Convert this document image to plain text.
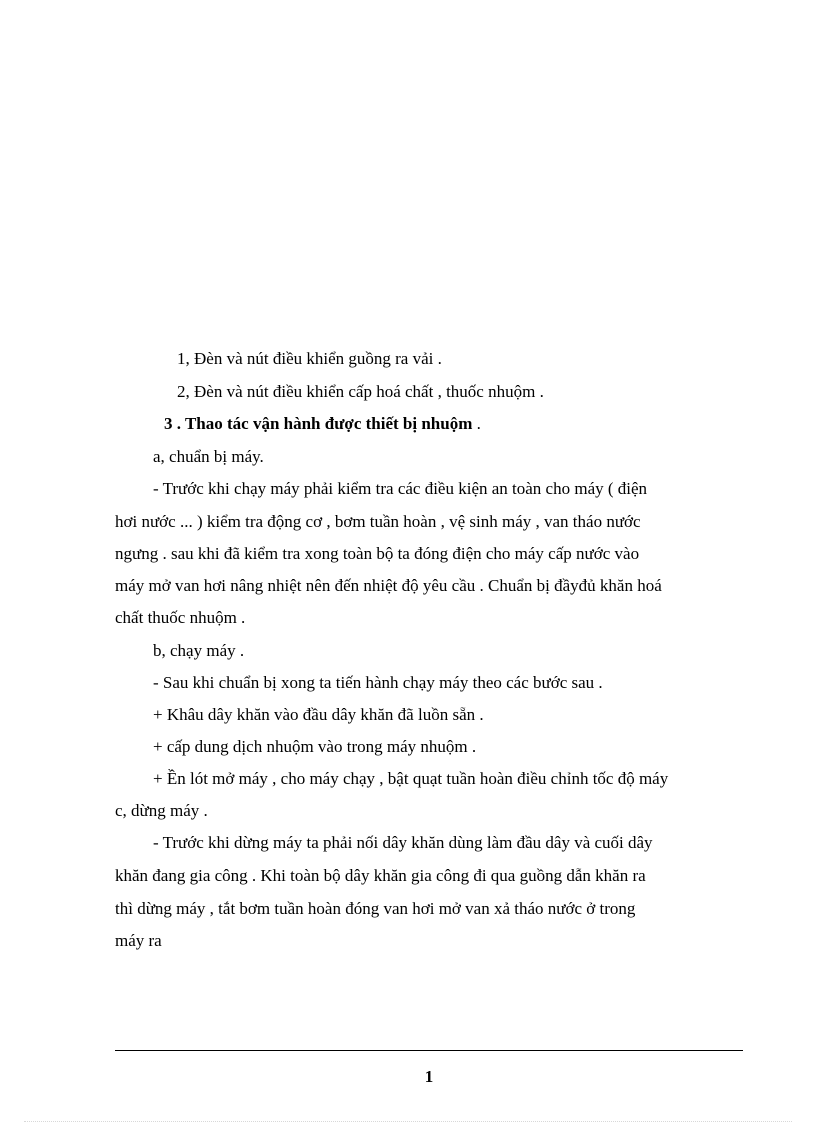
1, Đèn và nút điều khiển guồng ra vải .
2, Đèn và nút điều khiển cấp hoá chất , thuốc nhuộm .
3 . Thao tác vận hành được thiết bị nhuộm .
a, chuẩn bị máy.
- Trước khi chạy máy phải kiểm tra các điều kiện an toàn cho máy ( điện
hơi nước ... ) kiểm tra động cơ , bơm tuần hoàn , vệ sinh máy , van tháo nước
ngưng . sau khi đã kiểm tra xong toàn bộ ta đóng điện cho máy cấp nước vào
máy mở van hơi nâng nhiệt nên đến nhiệt độ yêu cầu . Chuẩn bị đầyđủ khăn hoá
chất thuốc nhuộm .
b, chạy máy .
- Sau khi chuẩn bị xong ta tiến hành chạy máy theo các bước sau .
+ Khâu dây khăn vào đầu dây khăn đã luồn sẵn .
+ cấp dung dịch nhuộm vào trong máy nhuộm .
+ Ền lót mở máy , cho máy chạy , bật quạt tuần hoàn điều chỉnh tốc độ máy
c, dừng máy .
- Trước khi dừng máy ta phải nối dây khăn dùng làm đầu dây và cuối dây
khăn đang gia công . Khi toàn bộ dây khăn gia công đi qua guồng dẫn khăn ra
thì dừng máy , tắt bơm tuần hoàn đóng van hơi mở van xả tháo nước ở trong
máy ra
1
